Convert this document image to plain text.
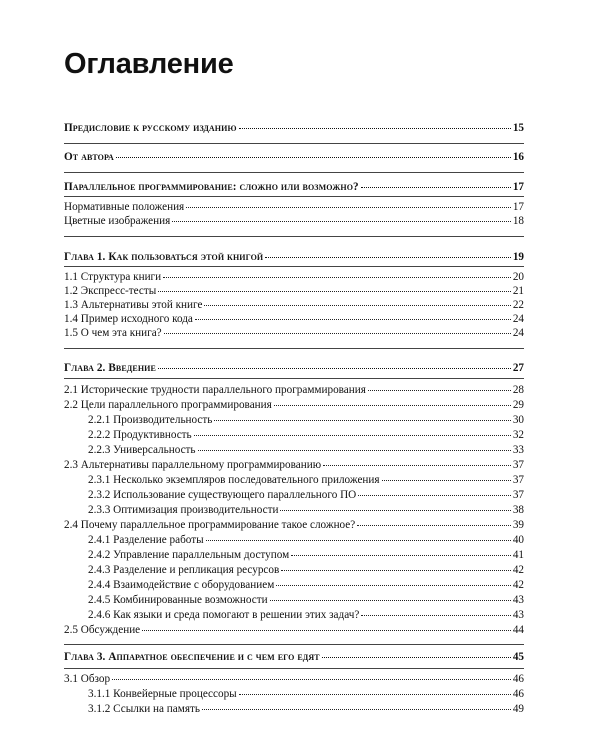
Оглавление
Предисловие к русскому изданию	15
От автора	16
Параллельное программирование: сложно или возможно?	17
Нормативные положения	17
Цветные изображения	18
Глава 1. Как пользоваться этой книгой	19
1.1 Структура книги	20
1.2 Экспресс-тесты	21
1.3 Альтернативы этой книге	22
1.4 Пример исходного кода	24
1.5 О чем эта книга?	24
Глава 2. Введение	27
2.1 Исторические трудности параллельного программирования	28
2.2 Цели параллельного программирования	29
2.2.1 Производительность	30
2.2.2 Продуктивность	32
2.2.3 Универсальность	33
2.3 Альтернативы параллельному программированию	37
2.3.1 Несколько экземпляров последовательного приложения	37
2.3.2 Использование существующего параллельного ПО	37
2.3.3 Оптимизация производительности	38
2.4 Почему параллельное программирование такое сложное?	39
2.4.1 Разделение работы	40
2.4.2 Управление параллельным доступом	41
2.4.3 Разделение и репликация ресурсов	42
2.4.4 Взаимодействие с оборудованием	42
2.4.5 Комбинированные возможности	43
2.4.6 Как языки и среда помогают в решении этих задач?	43
2.5 Обсуждение	44
Глава 3. Аппаратное обеспечение и с чем его едят	45
3.1 Обзор	46
3.1.1 Конвейерные процессоры	46
3.1.2 Ссылки на память	49
